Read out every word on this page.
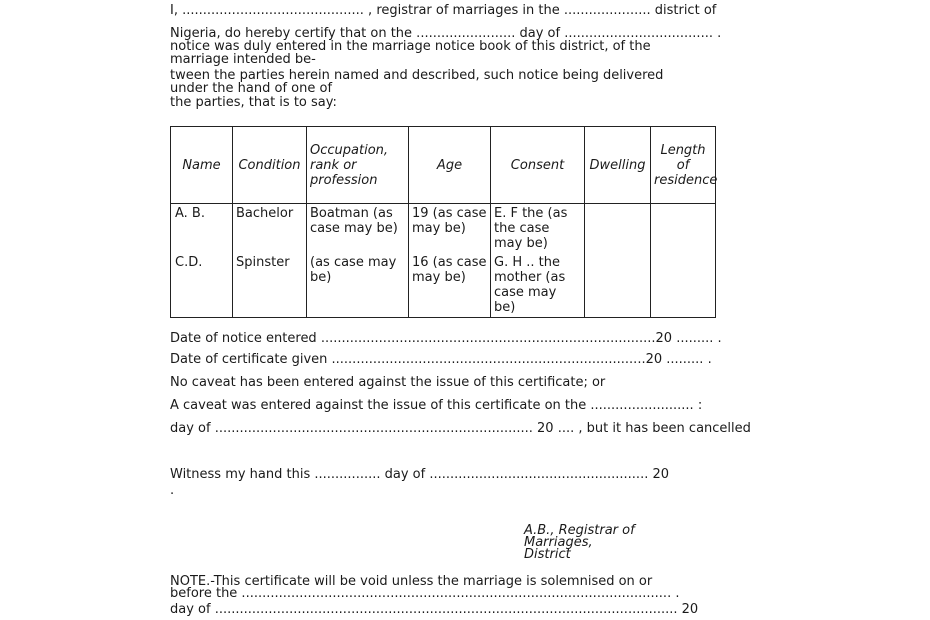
I, ............................................ , registrar of marriages in the ..................... district of
Nigeria, do hereby certify that on the ........................ day of .................................... .
notice was duly entered in the marriage notice book of this district, of the
marriage intended be-
tween the parties herein named and described, such notice being delivered
under the hand of one of
the parties, that is to say:
Name	Condition	Occupation, rank or profession	Age	Consent	Dwelling	Length of residence
A. B.	Bachelor	Boatman (as case may be)	19 (as case may be)	E. F the (as the case may be)		
C.D.	Spinster	(as case may be)	16 (as case may be)	G. H .. the mother (as case may be)		
Date of notice entered .................................................................................20 ......... .
Date of certificate given ............................................................................20 ......... .
No caveat has been entered against the issue of this certificate; or
A caveat was entered against the issue of this certificate on the ......................... :
day of ............................................................................. 20 .... , but it has been cancelled
Witness my hand this ................ day of ..................................................... 20
.
A.B., Registrar of
Marriages,
District
NOTE.-This certificate will be void unless the marriage is solemnised on or
before the ........................................................................................................ .
day of ................................................................................................................ 20
